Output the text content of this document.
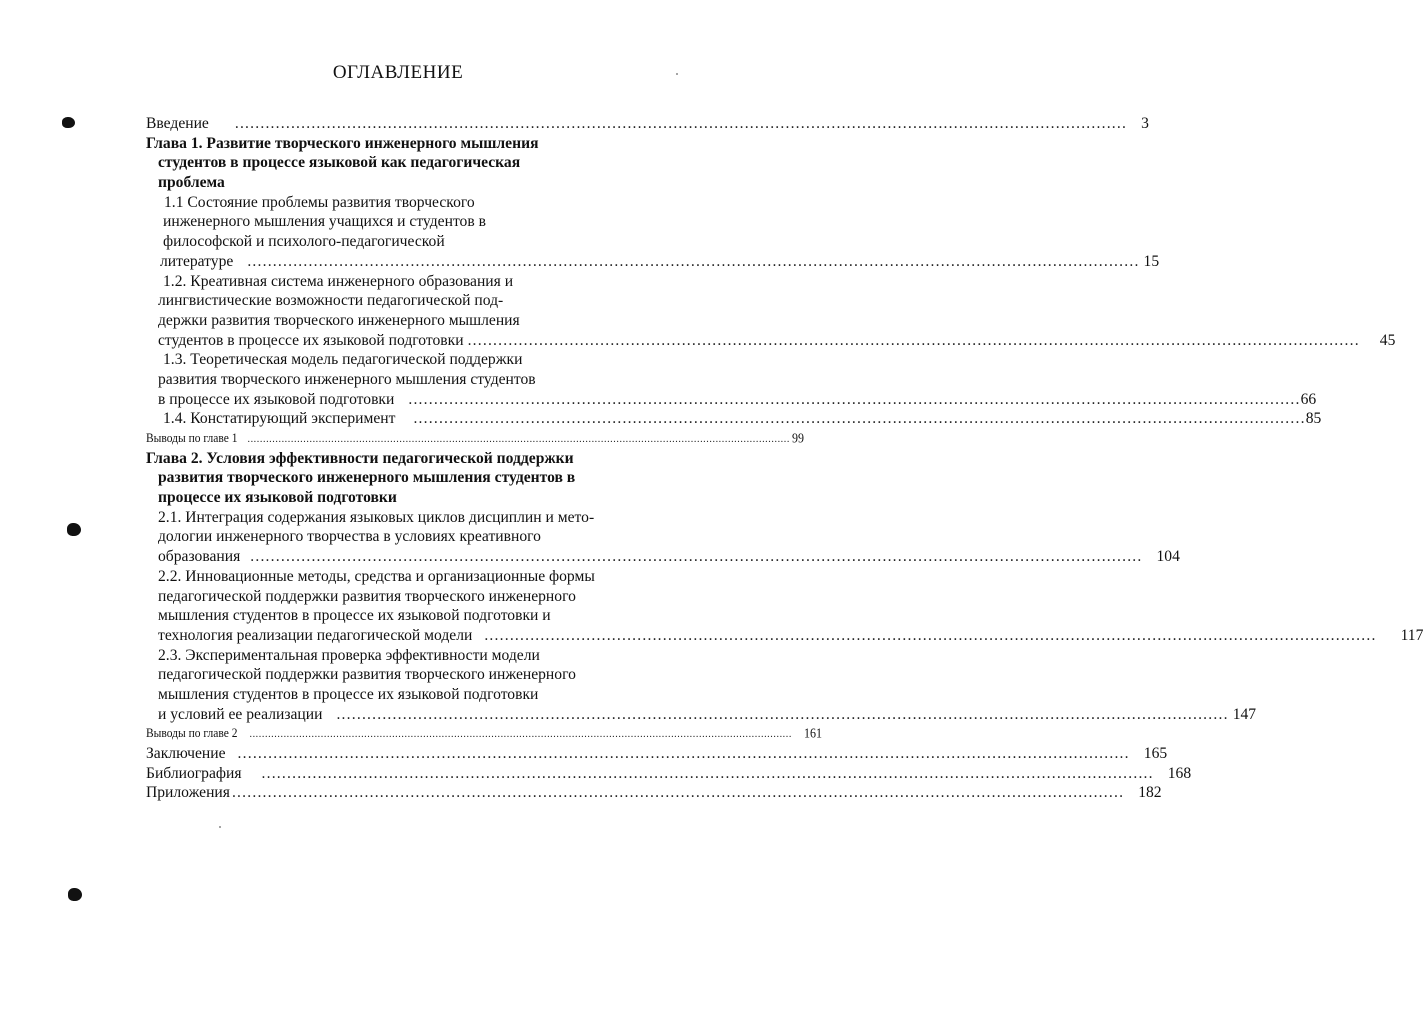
ОГЛАВЛЕНИЕ
Введение ............................................................................................................................................................................... 3
Глава 1. Развитие творческого инженерного мышления
студентов в процессе языковой как педагогическая
проблема
1.1 Состояние проблемы развития творческого
инженерного мышления учащихся и студентов в
философской и психолого-педагогической
литературе ............................................................................................................................................................................... 15
1.2. Креативная система инженерного образования и
лингвистические возможности педагогической под-
держки развития творческого инженерного мышления
студентов в процессе их языковой подготовки ............................................................................................................................................................................... 45
1.3. Теоретическая модель педагогической поддержки
развития творческого инженерного мышления студентов
в процессе их языковой подготовки ............................................................................................................................................................................... 66
1.4. Констатирующий эксперимент ............................................................................................................................................................................... 85
Выводы по главе 1 ............................................................................................................................................................................... 99
Глава 2. Условия эффективности педагогической поддержки
развития творческого инженерного мышления студентов в
процессе их языковой подготовки
2.1. Интеграция содержания языковых циклов дисциплин и мето-
дологии инженерного творчества в условиях креативного
образования ............................................................................................................................................................................... 104
2.2. Инновационные методы, средства и организационные формы
педагогической поддержки развития творческого инженерного
мышления студентов в процессе их языковой подготовки и
технология реализации педагогической модели ............................................................................................................................................................................... 117
2.3. Экспериментальная проверка эффективности модели
педагогической поддержки развития творческого инженерного
мышления студентов в процессе их языковой подготовки
и условий ее реализации ............................................................................................................................................................................... 147
Выводы по главе 2 ............................................................................................................................................................................... 161
Заключение ............................................................................................................................................................................... 165
Библиография ............................................................................................................................................................................... 168
Приложения ............................................................................................................................................................................... 182
